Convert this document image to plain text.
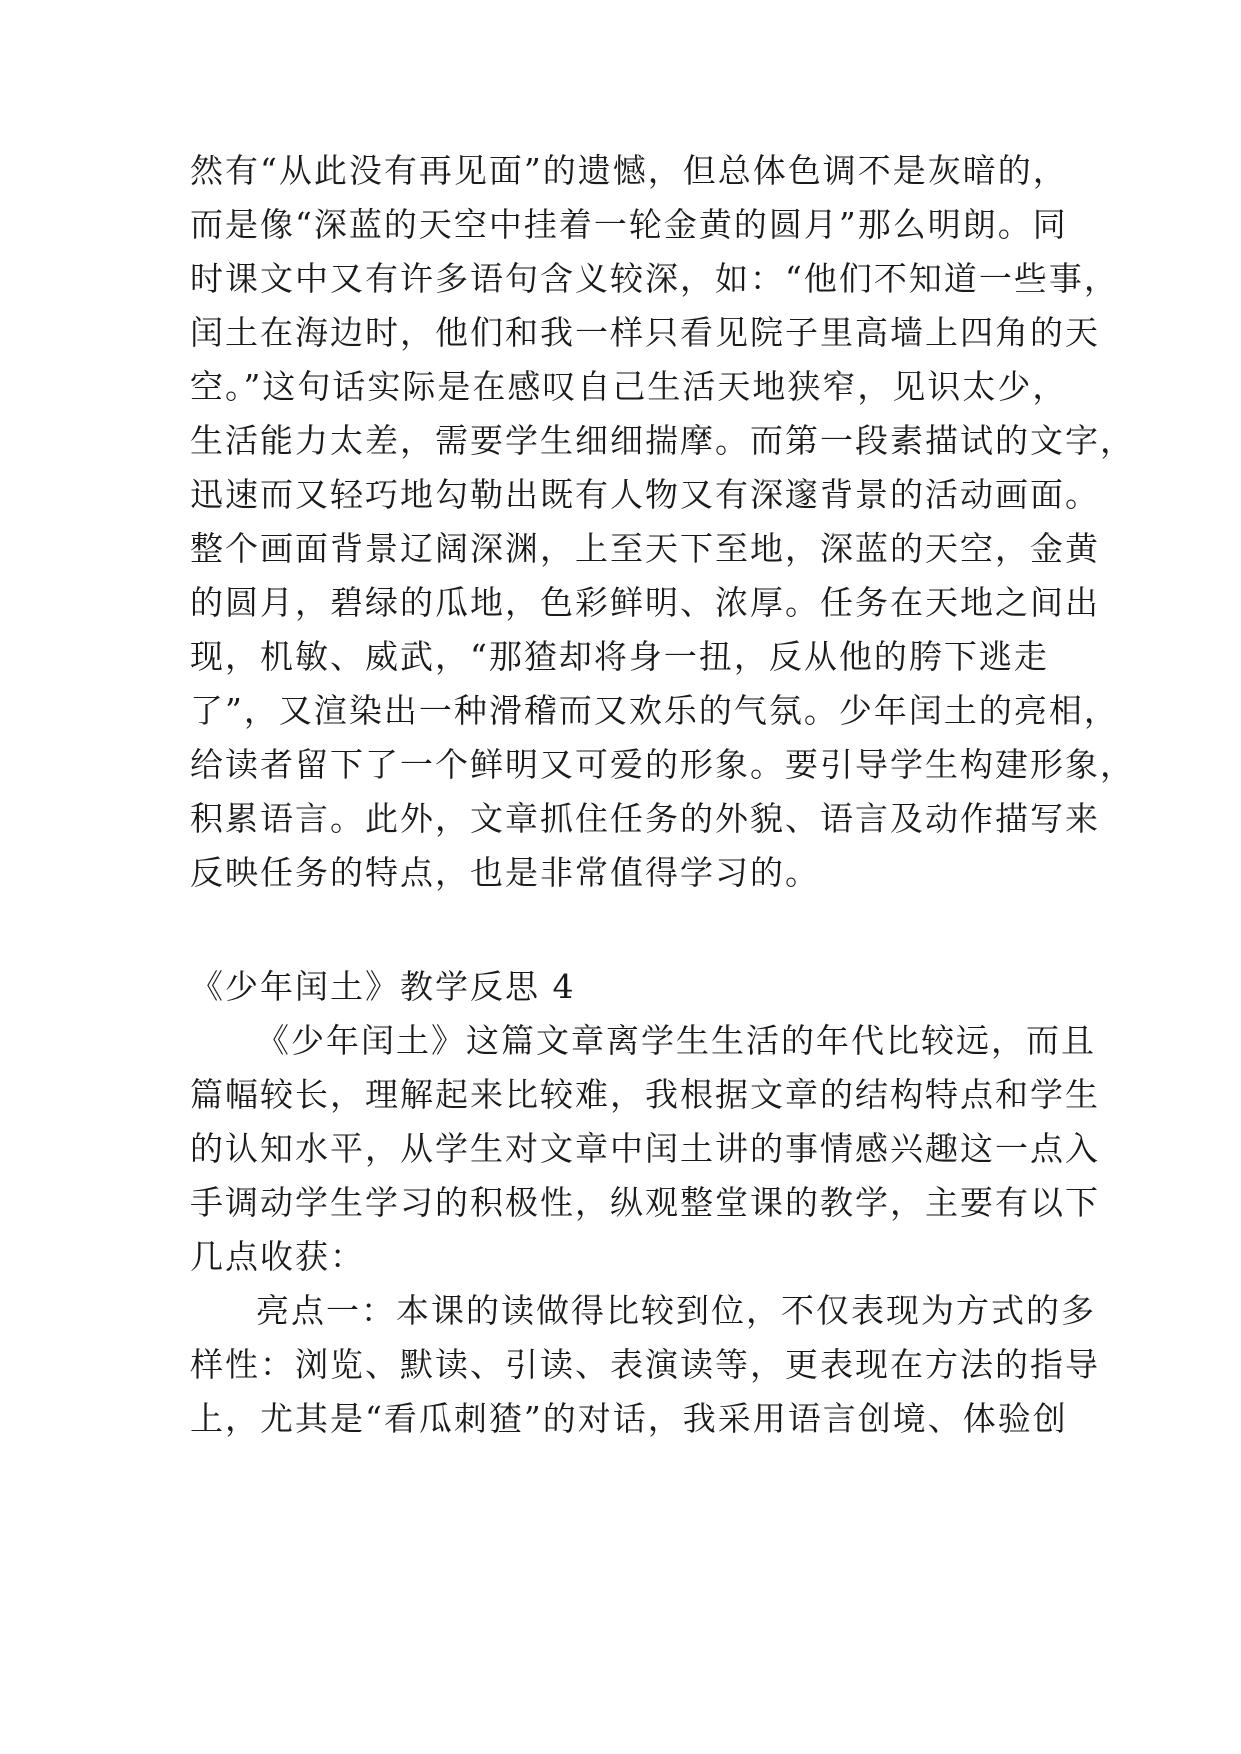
然有“从此没有再见面”的遗憾，但总体色调不是灰暗的，
而是像“深蓝的天空中挂着一轮金黄的圆月”那么明朗。同
时课文中又有许多语句含义较深，如：“他们不知道一些事，
闰土在海边时，他们和我一样只看见院子里高墙上四角的天
空。”这句话实际是在感叹自己生活天地狭窄，见识太少，
生活能力太差，需要学生细细揣摩。而第一段素描试的文字，
迅速而又轻巧地勾勒出既有人物又有深邃背景的活动画面。
整个画面背景辽阔深渊，上至天下至地，深蓝的天空，金黄
的圆月，碧绿的瓜地，色彩鲜明、浓厚。任务在天地之间出
现，机敏、威武，“那猹却将身一扭，反从他的胯下逃走
了”，又渲染出一种滑稽而又欢乐的气氛。少年闰土的亮相，
给读者留下了一个鲜明又可爱的形象。要引导学生构建形象，
积累语言。此外，文章抓住任务的外貌、语言及动作描写来
反映任务的特点，也是非常值得学习的。
《少年闰土》教学反思 4
《少年闰土》这篇文章离学生生活的年代比较远，而且
篇幅较长，理解起来比较难，我根据文章的结构特点和学生
的认知水平，从学生对文章中闰土讲的事情感兴趣这一点入
手调动学生学习的积极性，纵观整堂课的教学，主要有以下
几点收获：
亮点一：本课的读做得比较到位，不仅表现为方式的多
样性：浏览、默读、引读、表演读等，更表现在方法的指导
上，尤其是“看瓜刺猹”的对话，我采用语言创境、体验创
